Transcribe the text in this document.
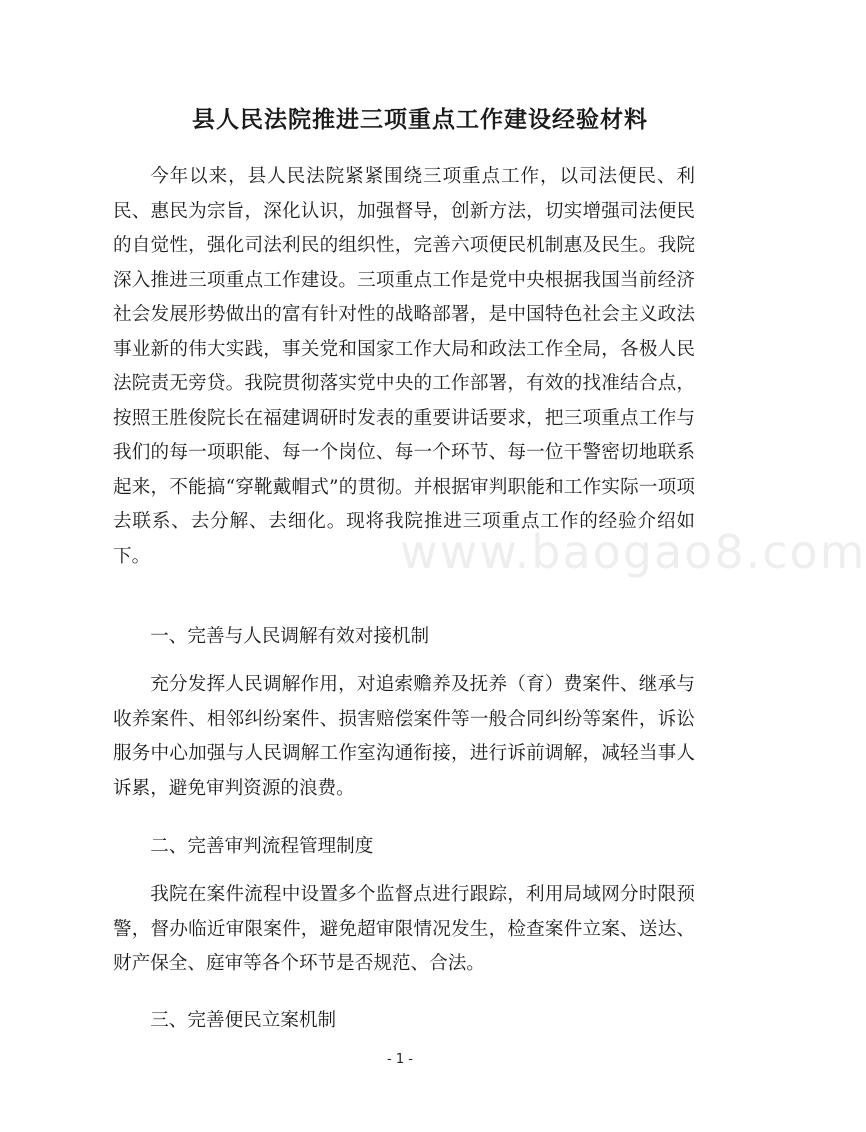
县人民法院推进三项重点工作建设经验材料

今年以来，县人民法院紧紧围绕三项重点工作，以司法便民、利民、惠民为宗旨，深化认识，加强督导，创新方法，切实增强司法便民的自觉性，强化司法利民的组织性，完善六项便民机制惠及民生。我院深入推进三项重点工作建设。三项重点工作是党中央根据我国当前经济社会发展形势做出的富有针对性的战略部署，是中国特色社会主义政法事业新的伟大实践，事关党和国家工作大局和政法工作全局，各极人民法院责无旁贷。我院贯彻落实党中央的工作部署，有效的找准结合点，按照王胜俊院长在福建调研时发表的重要讲话要求，把三项重点工作与我们的每一项职能、每一个岗位、每一个环节、每一位干警密切地联系起来，不能搞“穿靴戴帽式”的贯彻。并根据审判职能和工作实际一项项去联系、去分解、去细化。现将我院推进三项重点工作的经验介绍如下。

一、完善与人民调解有效对接机制

充分发挥人民调解作用，对追索赡养及抚养（育）费案件、继承与收养案件、相邻纠纷案件、损害赔偿案件等一般合同纠纷等案件，诉讼服务中心加强与人民调解工作室沟通衔接，进行诉前调解，减轻当事人诉累，避免审判资源的浪费。

二、完善审判流程管理制度

我院在案件流程中设置多个监督点进行跟踪，利用局域网分时限预警，督办临近审限案件，避免超审限情况发生，检查案件立案、送达、财产保全、庭审等各个环节是否规范、合法。

三、完善便民立案机制

www.baogao8.com
- 1 -
